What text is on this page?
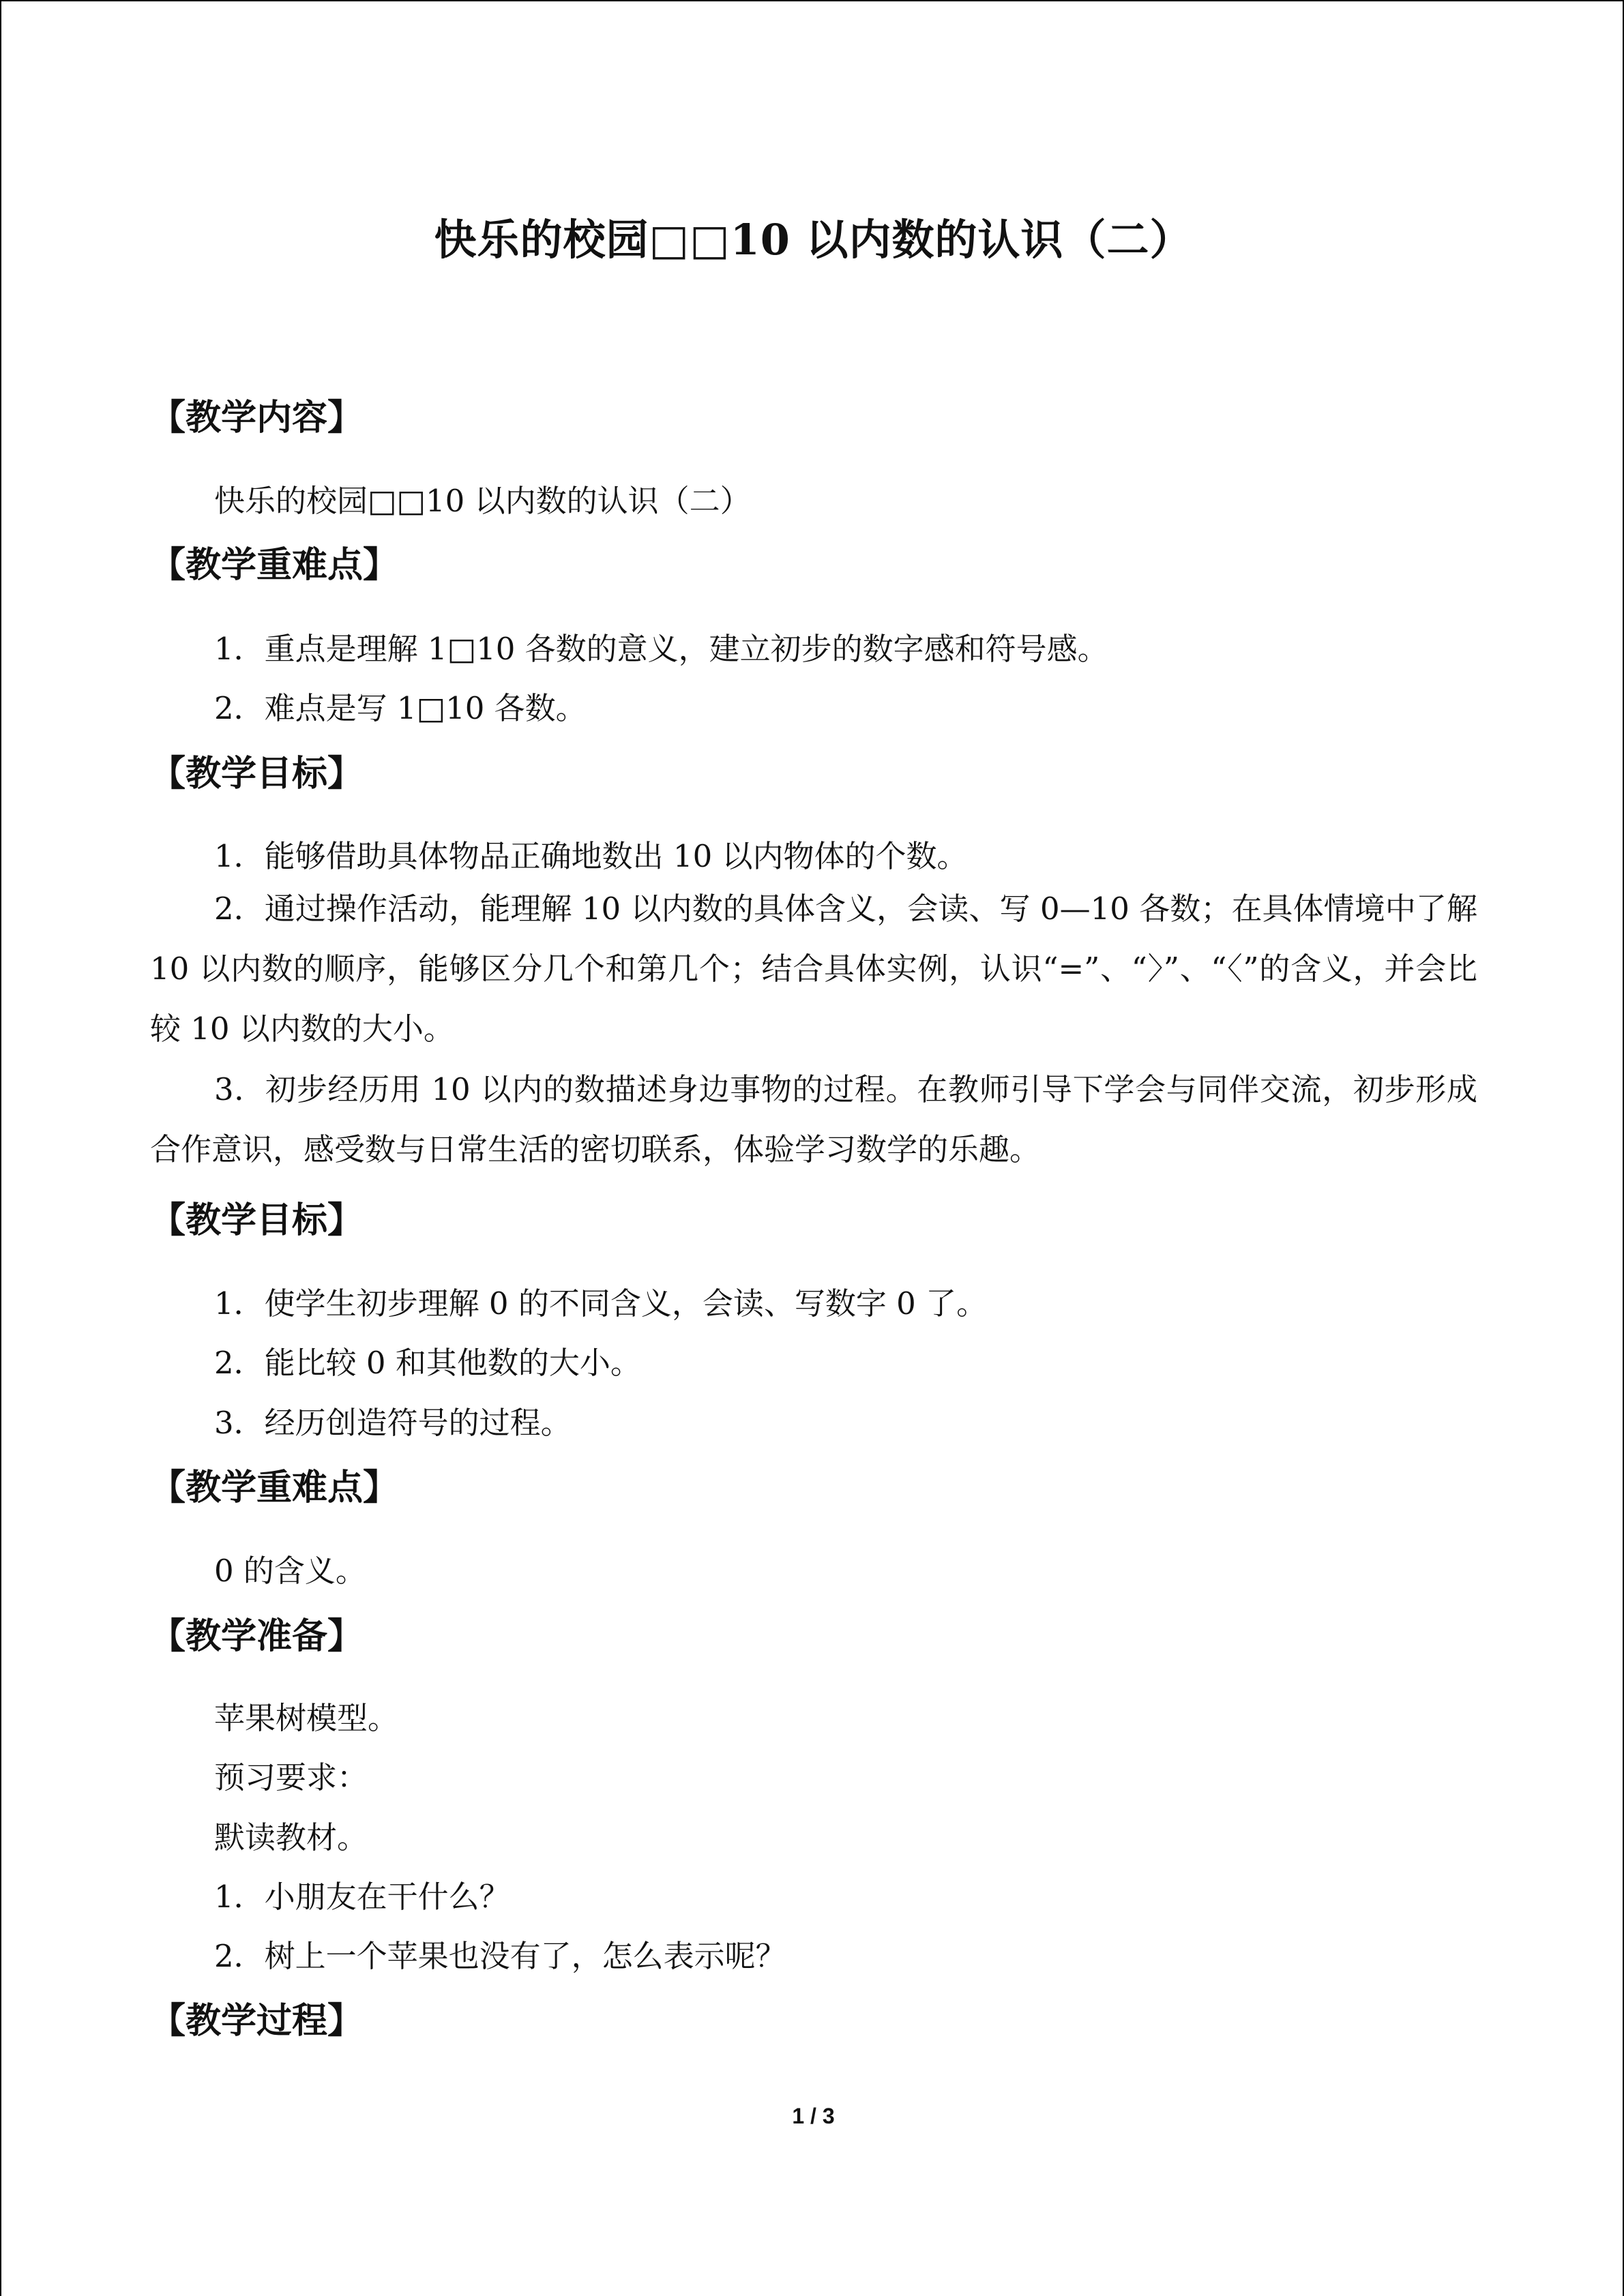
快乐的校园□□10 以内数的认识（二）
【教学内容】
快乐的校园□□10 以内数的认识（二）
【教学重难点】
1．重点是理解 1□10 各数的意义，建立初步的数字感和符号感。
2．难点是写 1□10 各数。
【教学目标】
1．能够借助具体物品正确地数出 10 以内物体的个数。
2．通过操作活动，能理解 10 以内数的具体含义，会读、写 0—10 各数；在具体情境中了解 10 以内数的顺序，能够区分几个和第几个；结合具体实例，认识“=”、“〉”、“〈”的含义，并会比较 10 以内数的大小。
3．初步经历用 10 以内的数描述身边事物的过程。在教师引导下学会与同伴交流，初步形成合作意识，感受数与日常生活的密切联系，体验学习数学的乐趣。
【教学目标】
1．使学生初步理解 0 的不同含义，会读、写数字 0 了。
2．能比较 0 和其他数的大小。
3．经历创造符号的过程。
【教学重难点】
0 的含义。
【教学准备】
苹果树模型。
预习要求：
默读教材。
1．小朋友在干什么？
2．树上一个苹果也没有了，怎么表示呢？
【教学过程】
1 / 3
